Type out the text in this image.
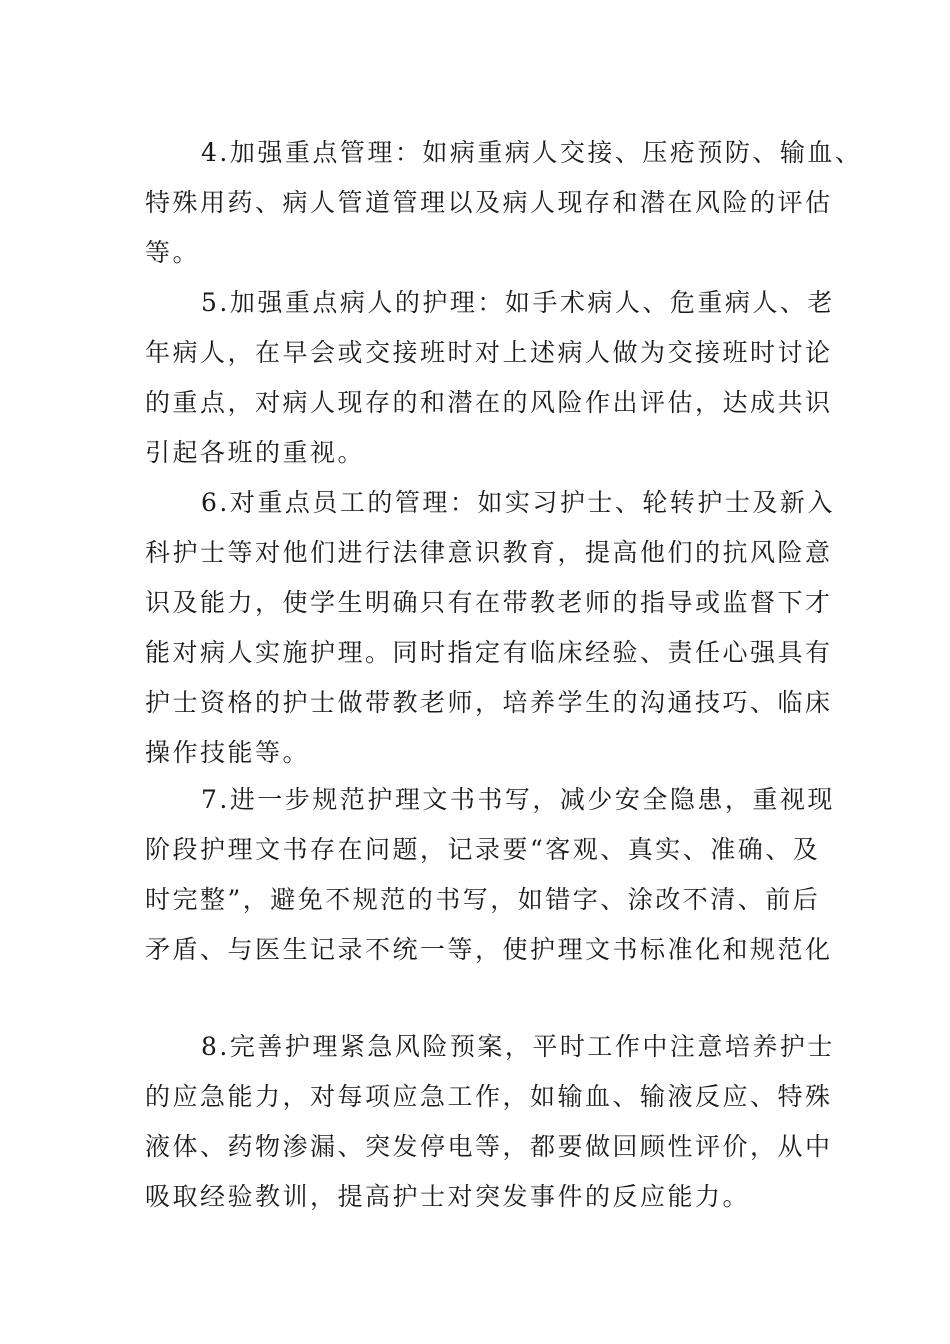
4.加强重点管理：如病重病人交接、压疮预防、输血、
特殊用药、病人管道管理以及病人现存和潜在风险的评估
等。
5.加强重点病人的护理：如手术病人、危重病人、老
年病人，在早会或交接班时对上述病人做为交接班时讨论
的重点，对病人现存的和潜在的风险作出评估，达成共识
引起各班的重视。
6.对重点员工的管理：如实习护士、轮转护士及新入
科护士等对他们进行法律意识教育，提高他们的抗风险意
识及能力，使学生明确只有在带教老师的指导或监督下才
能对病人实施护理。同时指定有临床经验、责任心强具有
护士资格的护士做带教老师，培养学生的沟通技巧、临床
操作技能等。
7.进一步规范护理文书书写，减少安全隐患，重视现
阶段护理文书存在问题，记录要“客观、真实、准确、及
时完整”，避免不规范的书写，如错字、涂改不清、前后
矛盾、与医生记录不统一等，使护理文书标准化和规范化
8.完善护理紧急风险预案，平时工作中注意培养护士
的应急能力，对每项应急工作，如输血、输液反应、特殊
液体、药物渗漏、突发停电等，都要做回顾性评价，从中
吸取经验教训，提高护士对突发事件的反应能力。
